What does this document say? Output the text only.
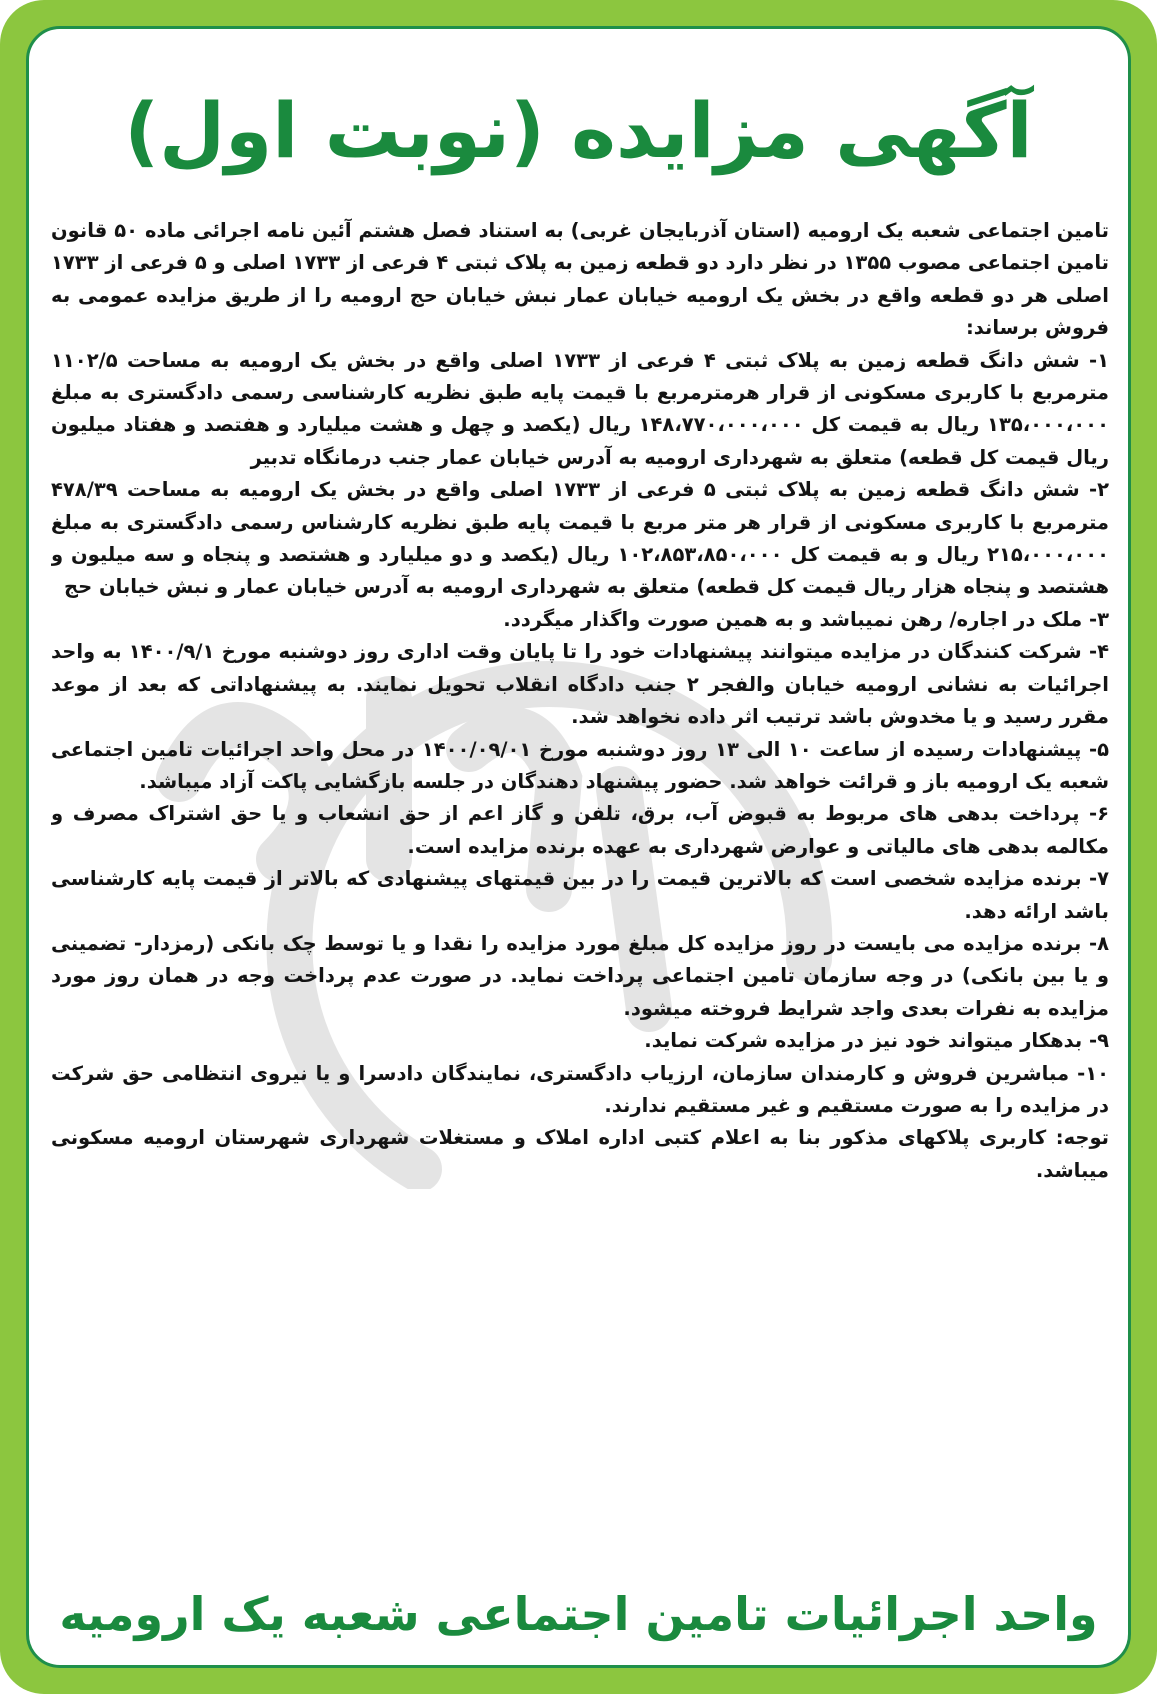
آگهی مزایده (نوبت اول)

تامین اجتماعی شعبه یک ارومیه (استان آذربایجان غربی) به استناد فصل هشتم آئین نامه اجرائی ماده ۵۰ قانون تامین اجتماعی مصوب ۱۳۵۵ در نظر دارد دو قطعه زمین به پلاک ثبتی ۴ فرعی از ۱۷۳۳ اصلی و ۵ فرعی از ۱۷۳۳ اصلی هر دو قطعه واقع در بخش یک ارومیه خیابان عمار نبش خیابان حج ارومیه را از طریق مزایده عمومی به فروش برساند:

۱- شش دانگ قطعه زمین به پلاک ثبتی ۴ فرعی از ۱۷۳۳ اصلی واقع در بخش یک ارومیه به مساحت ۱۱۰۲/۵ مترمربع با کاربری مسکونی از قرار هرمترمربع با قیمت پایه طبق نظریه کارشناسی رسمی دادگستری به مبلغ ۱۳۵،۰۰۰،۰۰۰ ریال به قیمت کل ۱۴۸،۷۷۰،۰۰۰،۰۰۰ ریال (یکصد و چهل و هشت میلیارد و هفتصد و هفتاد میلیون ریال قیمت کل قطعه) متعلق به شهرداری ارومیه به آدرس خیابان عمار جنب درمانگاه تدبیر

۲- شش دانگ قطعه زمین به پلاک ثبتی ۵ فرعی از ۱۷۳۳ اصلی واقع در بخش یک ارومیه به مساحت ۴۷۸/۳۹ مترمربع با کاربری مسکونی از قرار هر متر مربع با قیمت پایه طبق نظریه کارشناس رسمی دادگستری به مبلغ ۲۱۵،۰۰۰،۰۰۰ ریال و به قیمت کل ۱۰۲،۸۵۳،۸۵۰،۰۰۰ ریال (یکصد و دو میلیارد و هشتصد و پنجاه و سه میلیون و هشتصد و پنجاه هزار ریال قیمت کل قطعه) متعلق به شهرداری ارومیه به آدرس خیابان عمار و نبش خیابان حج

۳- ملک در اجاره/ رهن نمیباشد و به همین صورت واگذار میگردد.

۴- شرکت کنندگان در مزایده میتوانند پیشنهادات خود را تا پایان وقت اداری روز دوشنبه مورخ ۱۴۰۰/۹/۱ به واحد اجرائیات به نشانی ارومیه خیابان والفجر ۲ جنب دادگاه انقلاب تحویل نمایند. به پیشنهاداتی که بعد از موعد مقرر رسید و یا مخدوش باشد ترتیب اثر داده نخواهد شد.

۵- پیشنهادات رسیده از ساعت ۱۰ الی ۱۳ روز دوشنبه مورخ ۱۴۰۰/۰۹/۰۱ در محل واحد اجرائیات تامین اجتماعی شعبه یک ارومیه باز و قرائت خواهد شد. حضور پیشنهاد دهندگان در جلسه بازگشایی پاکت آزاد میباشد.

۶- پرداخت بدهی های مربوط به قبوض آب، برق، تلفن و گاز اعم از حق انشعاب و یا حق اشتراک مصرف و مکالمه بدهی های مالیاتی و عوارض شهرداری به عهده برنده مزایده است.

۷- برنده مزایده شخصی است که بالاترین قیمت را در بین قیمتهای پیشنهادی که بالاتر از قیمت پایه کارشناسی باشد ارائه دهد.

۸- برنده مزایده می بایست در روز مزایده کل مبلغ مورد مزایده را نقدا و یا توسط چک بانکی (رمزدار- تضمینی و یا بین بانکی) در وجه سازمان تامین اجتماعی پرداخت نماید. در صورت عدم پرداخت وجه در همان روز مورد مزایده به نفرات بعدی واجد شرایط فروخته میشود.

۹- بدهکار میتواند خود نیز در مزایده شرکت نماید.

۱۰- مباشرین فروش و کارمندان سازمان، ارزیاب دادگستری، نمایندگان دادسرا و یا نیروی انتظامی حق شرکت در مزایده را به صورت مستقیم و غیر مستقیم ندارند.

توجه: کاربری پلاکهای مذکور بنا به اعلام کتبی اداره املاک و مستغلات شهرداری شهرستان ارومیه مسکونی میباشد.

واحد اجرائیات تامین اجتماعی شعبه یک ارومیه
